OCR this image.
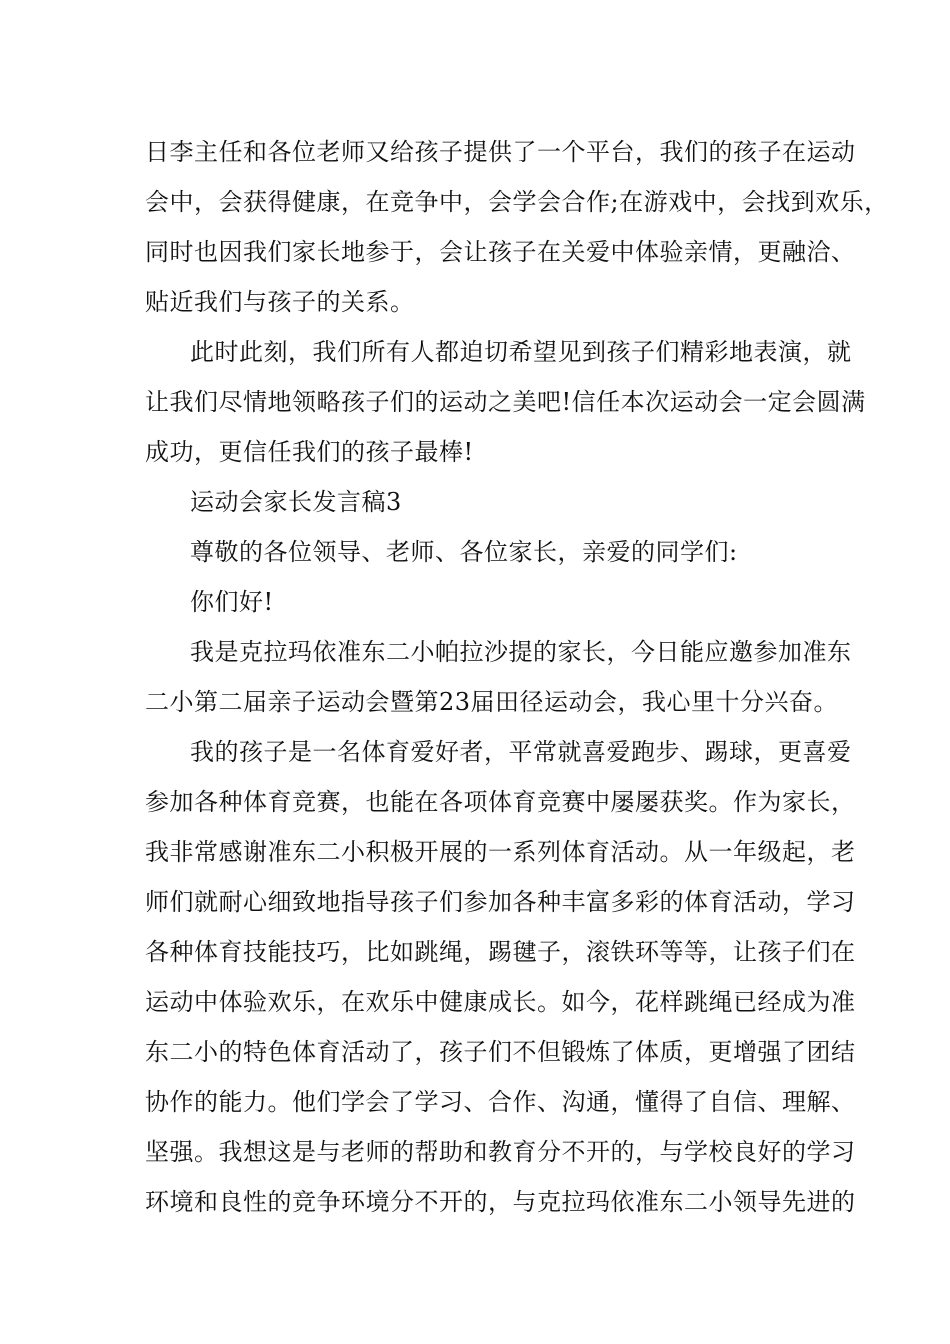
日李主任和各位老师又给孩子提供了一个平台，我们的孩子在运动
会中，会获得健康，在竞争中，会学会合作;在游戏中，会找到欢乐，
同时也因我们家长地参于，会让孩子在关爱中体验亲情，更融洽、
贴近我们与孩子的关系。
此时此刻，我们所有人都迫切希望见到孩子们精彩地表演，就
让我们尽情地领略孩子们的运动之美吧!信任本次运动会一定会圆满
成功，更信任我们的孩子最棒!
运动会家长发言稿3
尊敬的各位领导、老师、各位家长，亲爱的同学们:
你们好!
我是克拉玛依准东二小帕拉沙提的家长，今日能应邀参加准东
二小第二届亲子运动会暨第23届田径运动会，我心里十分兴奋。
我的孩子是一名体育爱好者，平常就喜爱跑步、踢球，更喜爱
参加各种体育竞赛，也能在各项体育竞赛中屡屡获奖。作为家长，
我非常感谢准东二小积极开展的一系列体育活动。从一年级起，老
师们就耐心细致地指导孩子们参加各种丰富多彩的体育活动，学习
各种体育技能技巧，比如跳绳，踢毽子，滚铁环等等，让孩子们在
运动中体验欢乐，在欢乐中健康成长。如今，花样跳绳已经成为准
东二小的特色体育活动了，孩子们不但锻炼了体质，更增强了团结
协作的能力。他们学会了学习、合作、沟通，懂得了自信、理解、
坚强。我想这是与老师的帮助和教育分不开的，与学校良好的学习
环境和良性的竞争环境分不开的，与克拉玛依准东二小领导先进的
